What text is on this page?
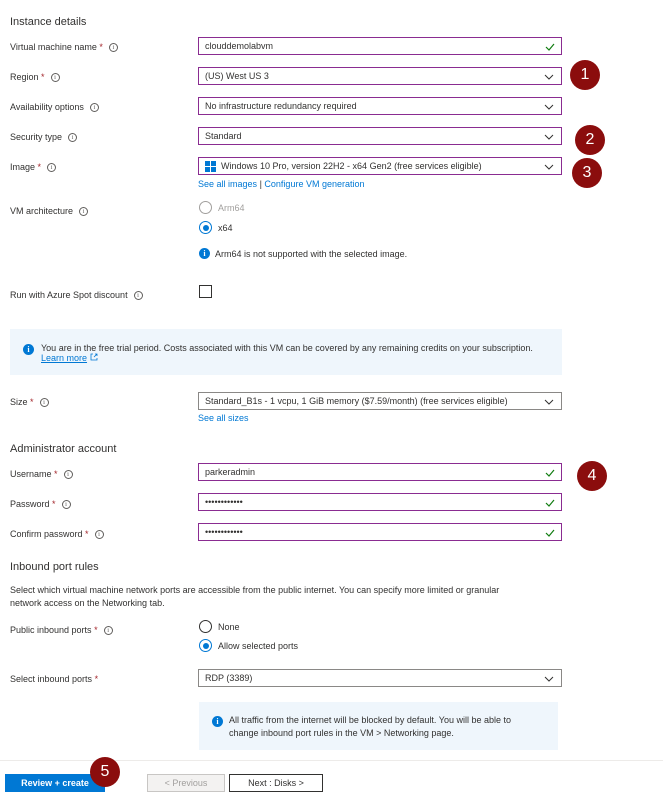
Instance details
Virtual machine name * i	clouddemolabvm
Region * i	(US) West US 3	1
Availability options i	No infrastructure redundancy required
Security type i	Standard	2
Image * i	Windows 10 Pro, version 22H2 - x64 Gen2 (free services eligible)	3
See all images | Configure VM generation
VM architecture i	Arm64
x64
i	Arm64 is not supported with the selected image.
Run with Azure Spot discount i
i	You are in the free trial period. Costs associated with this VM can be covered by any remaining credits on your subscription.
Learn more
Size * i	Standard_B1s - 1 vcpu, 1 GiB memory ($7.59/month) (free services eligible)
See all sizes
Administrator account
Username * i	parkeradmin	4
Password * i	••••••••••••
Confirm password * i	••••••••••••
Inbound port rules
Select which virtual machine network ports are accessible from the public internet. You can specify more limited or granular
network access on the Networking tab.
Public inbound ports * i	None
Allow selected ports
Select inbound ports *	RDP (3389)
i	All traffic from the internet will be blocked by default. You will be able to
change inbound port rules in the VM > Networking page.
Review + create
5
< Previous	Next : Disks >
